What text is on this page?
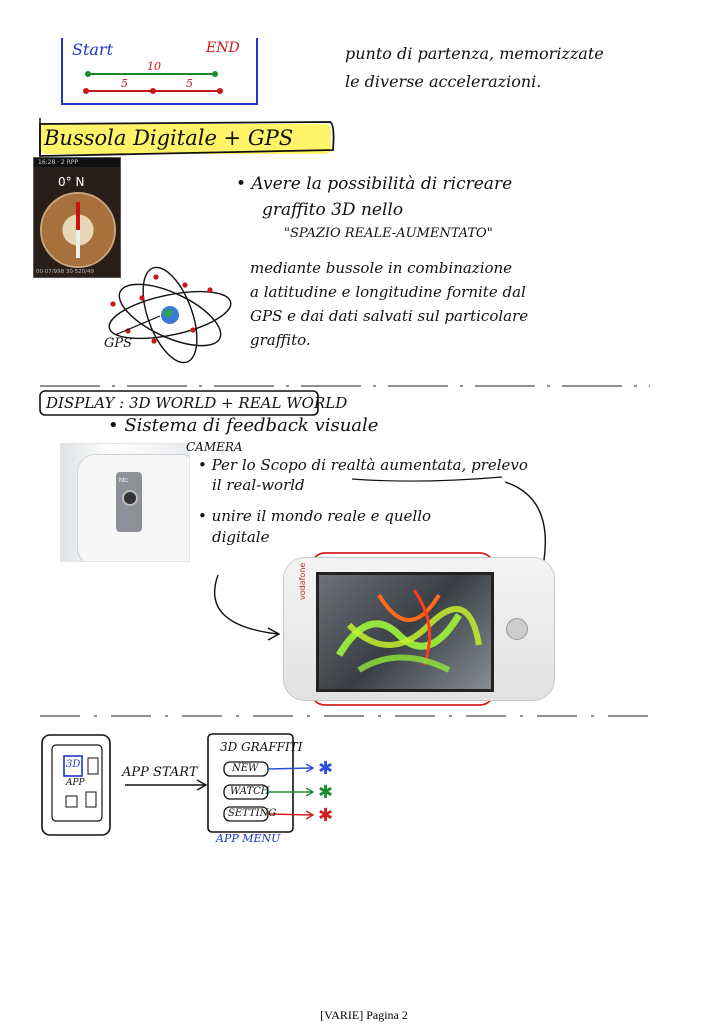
Start	END
10
5	5
punto di partenza, memorizzate
le diverse accelerazioni.
Bussola Digitale + GPS
16:28 · 2 RPP
0° N
00·07/998 30·520/49
GPS
• Avere la possibilità di ricreare
graffito 3D nello
"SPAZIO REALE-AUMENTATO"
mediante bussole in combinazione
a latitudine e longitudine fornite dal
GPS e dai dati salvati sul particolare
graffito.
DISPLAY : 3D WORLD + REAL WORLD
• Sistema di feedback visuale
htc
CAMERA
• Per lo Scopo di realtà aumentata, prelevo
il real-world
• unire il mondo reale e quello
digitale
vodafone
3D
APP
APP START
3D GRAFFITI
NEW
WATCH
SETTING
APP MENU
✱
✱
✱
[VARIE] Pagina 2
